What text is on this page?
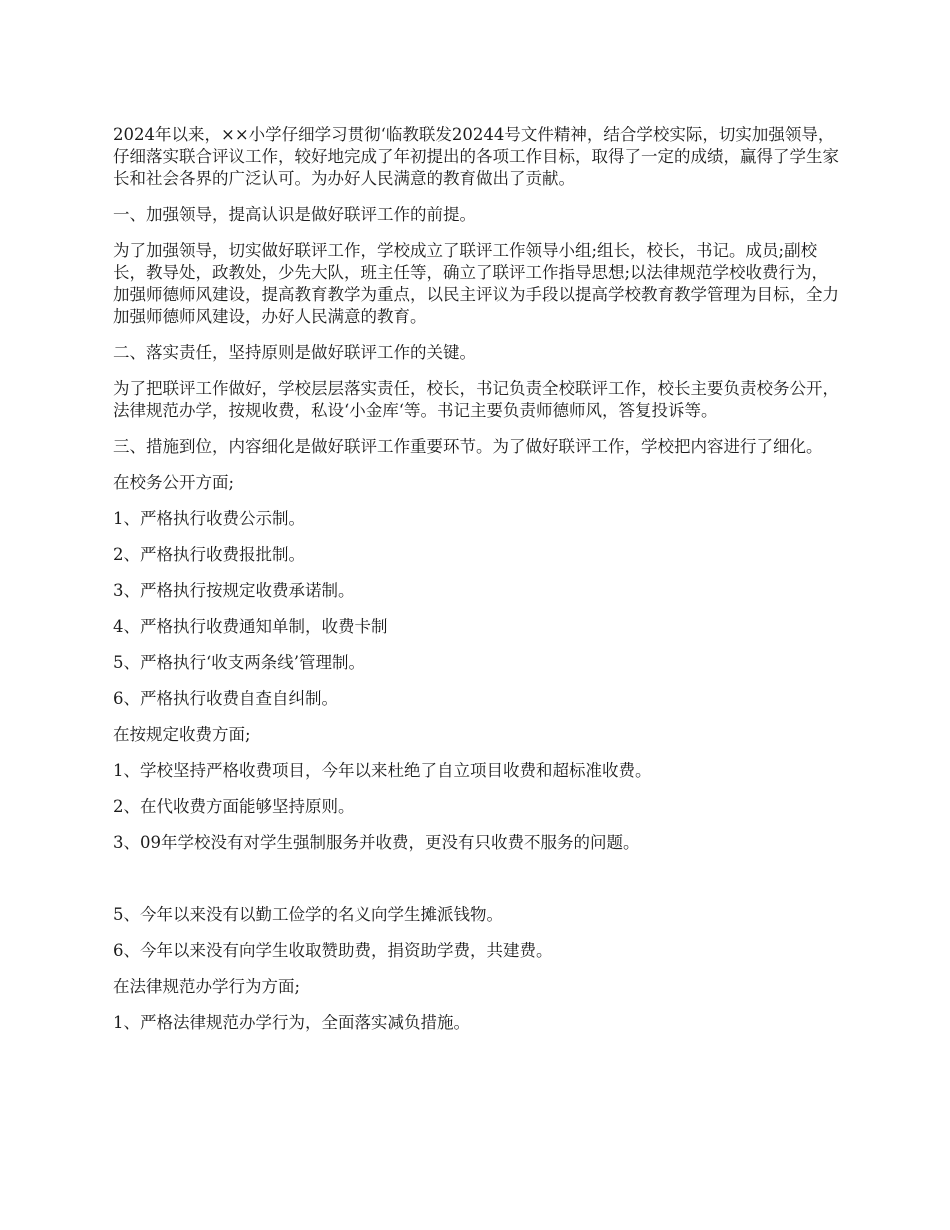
2024年以来，××小学仔细学习贯彻‘临教联发20244号文件精神，结合学校实际，切实加强领导，仔细落实联合评议工作，较好地完成了年初提出的各项工作目标，取得了一定的成绩，赢得了学生家长和社会各界的广泛认可。为办好人民满意的教育做出了贡献。

一、加强领导，提高认识是做好联评工作的前提。

为了加强领导，切实做好联评工作，学校成立了联评工作领导小组;组长，校长，书记。成员;副校长，教导处，政教处，少先大队，班主任等，确立了联评工作指导思想;以法律规范学校收费行为，加强师德师风建设，提高教育教学为重点，以民主评议为手段以提高学校教育教学管理为目标，全力加强师德师风建设，办好人民满意的教育。

二、落实责任，坚持原则是做好联评工作的关键。

为了把联评工作做好，学校层层落实责任，校长，书记负责全校联评工作，校长主要负责校务公开，法律规范办学，按规收费，私设‘小金库‘等。书记主要负责师德师风，答复投诉等。

三、措施到位，内容细化是做好联评工作重要环节。为了做好联评工作，学校把内容进行了细化。

在校务公开方面;

1、严格执行收费公示制。

2、严格执行收费报批制。

3、严格执行按规定收费承诺制。

4、严格执行收费通知单制，收费卡制

5、严格执行‘收支两条线’管理制。

6、严格执行收费自查自纠制。

在按规定收费方面;

1、学校坚持严格收费项目，今年以来杜绝了自立项目收费和超标准收费。

2、在代收费方面能够坚持原则。

3、09年学校没有对学生强制服务并收费，更没有只收费不服务的问题。

5、今年以来没有以勤工俭学的名义向学生摊派钱物。

6、今年以来没有向学生收取赞助费，捐资助学费，共建费。

在法律规范办学行为方面;

1、严格法律规范办学行为，全面落实减负措施。
